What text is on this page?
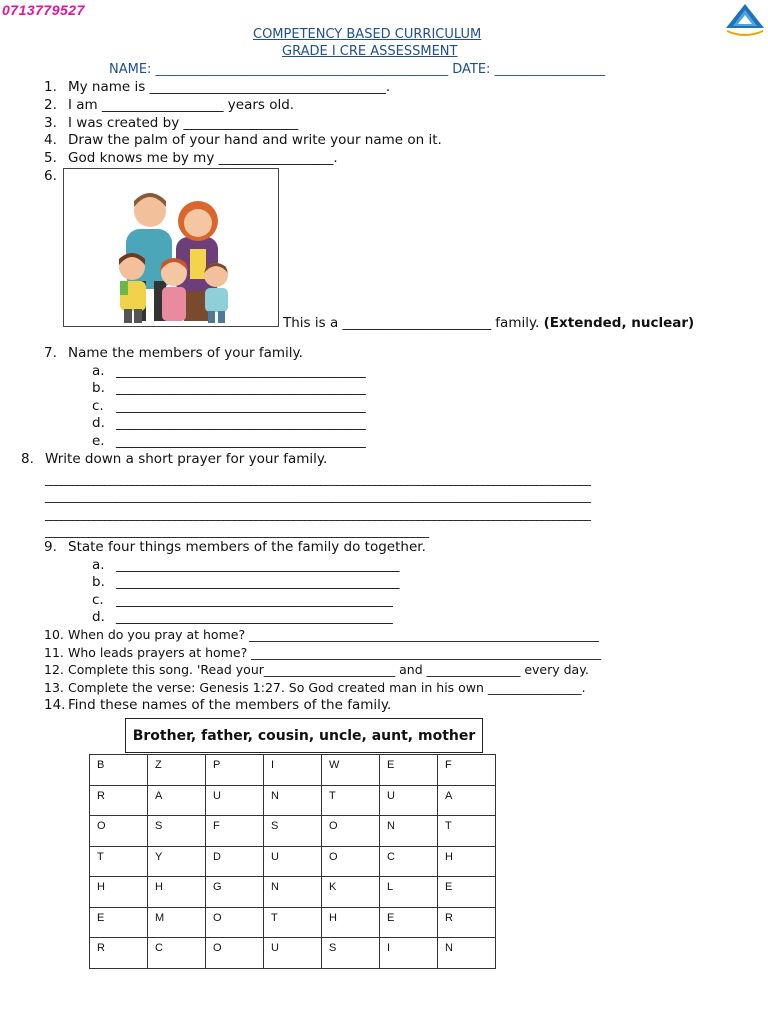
0713779527
COMPETENCY BASED CURRICULUM
GRADE I CRE ASSESSMENT
NAME: _____________________________________________ DATE: _________________
1. My name is ___________________________________.
2. I am __________________ years old.
3. I was created by _________________
4. Draw the palm of your hand and write your name on it.
5. God knows me by my _________________.
6.
This is a ______________________ family. (Extended, nuclear)
7. Name the members of your family.
a. _____________________________________
b. _____________________________________
c. _____________________________________
d. _____________________________________
e. _____________________________________
8. Write down a short prayer for your family.
_____________________________________________________________________________________________________
_____________________________________________________________________________________________________
_____________________________________________________________________________________________________
_______________________________________________________________________
9. State four things members of the family do together.
a. __________________________________________
b. __________________________________________
c. _________________________________________
d. _________________________________________
10. When do you pray at home? ________________________________________________________
11. Who leads prayers at home? ________________________________________________________
12. Complete this song. 'Read your_____________________ and _______________ every day.
13. Complete the verse: Genesis 1:27. So God created man in his own _______________.
14. Find these names of the members of the family.
Brother, father, cousin, uncle, aunt, mother
B	Z	P	I	W	E	F
R	A	U	N	T	U	A
O	S	F	S	O	N	T
T	Y	D	U	O	C	H
H	H	G	N	K	L	E
E	M	O	T	H	E	R
R	C	O	U	S	I	N
